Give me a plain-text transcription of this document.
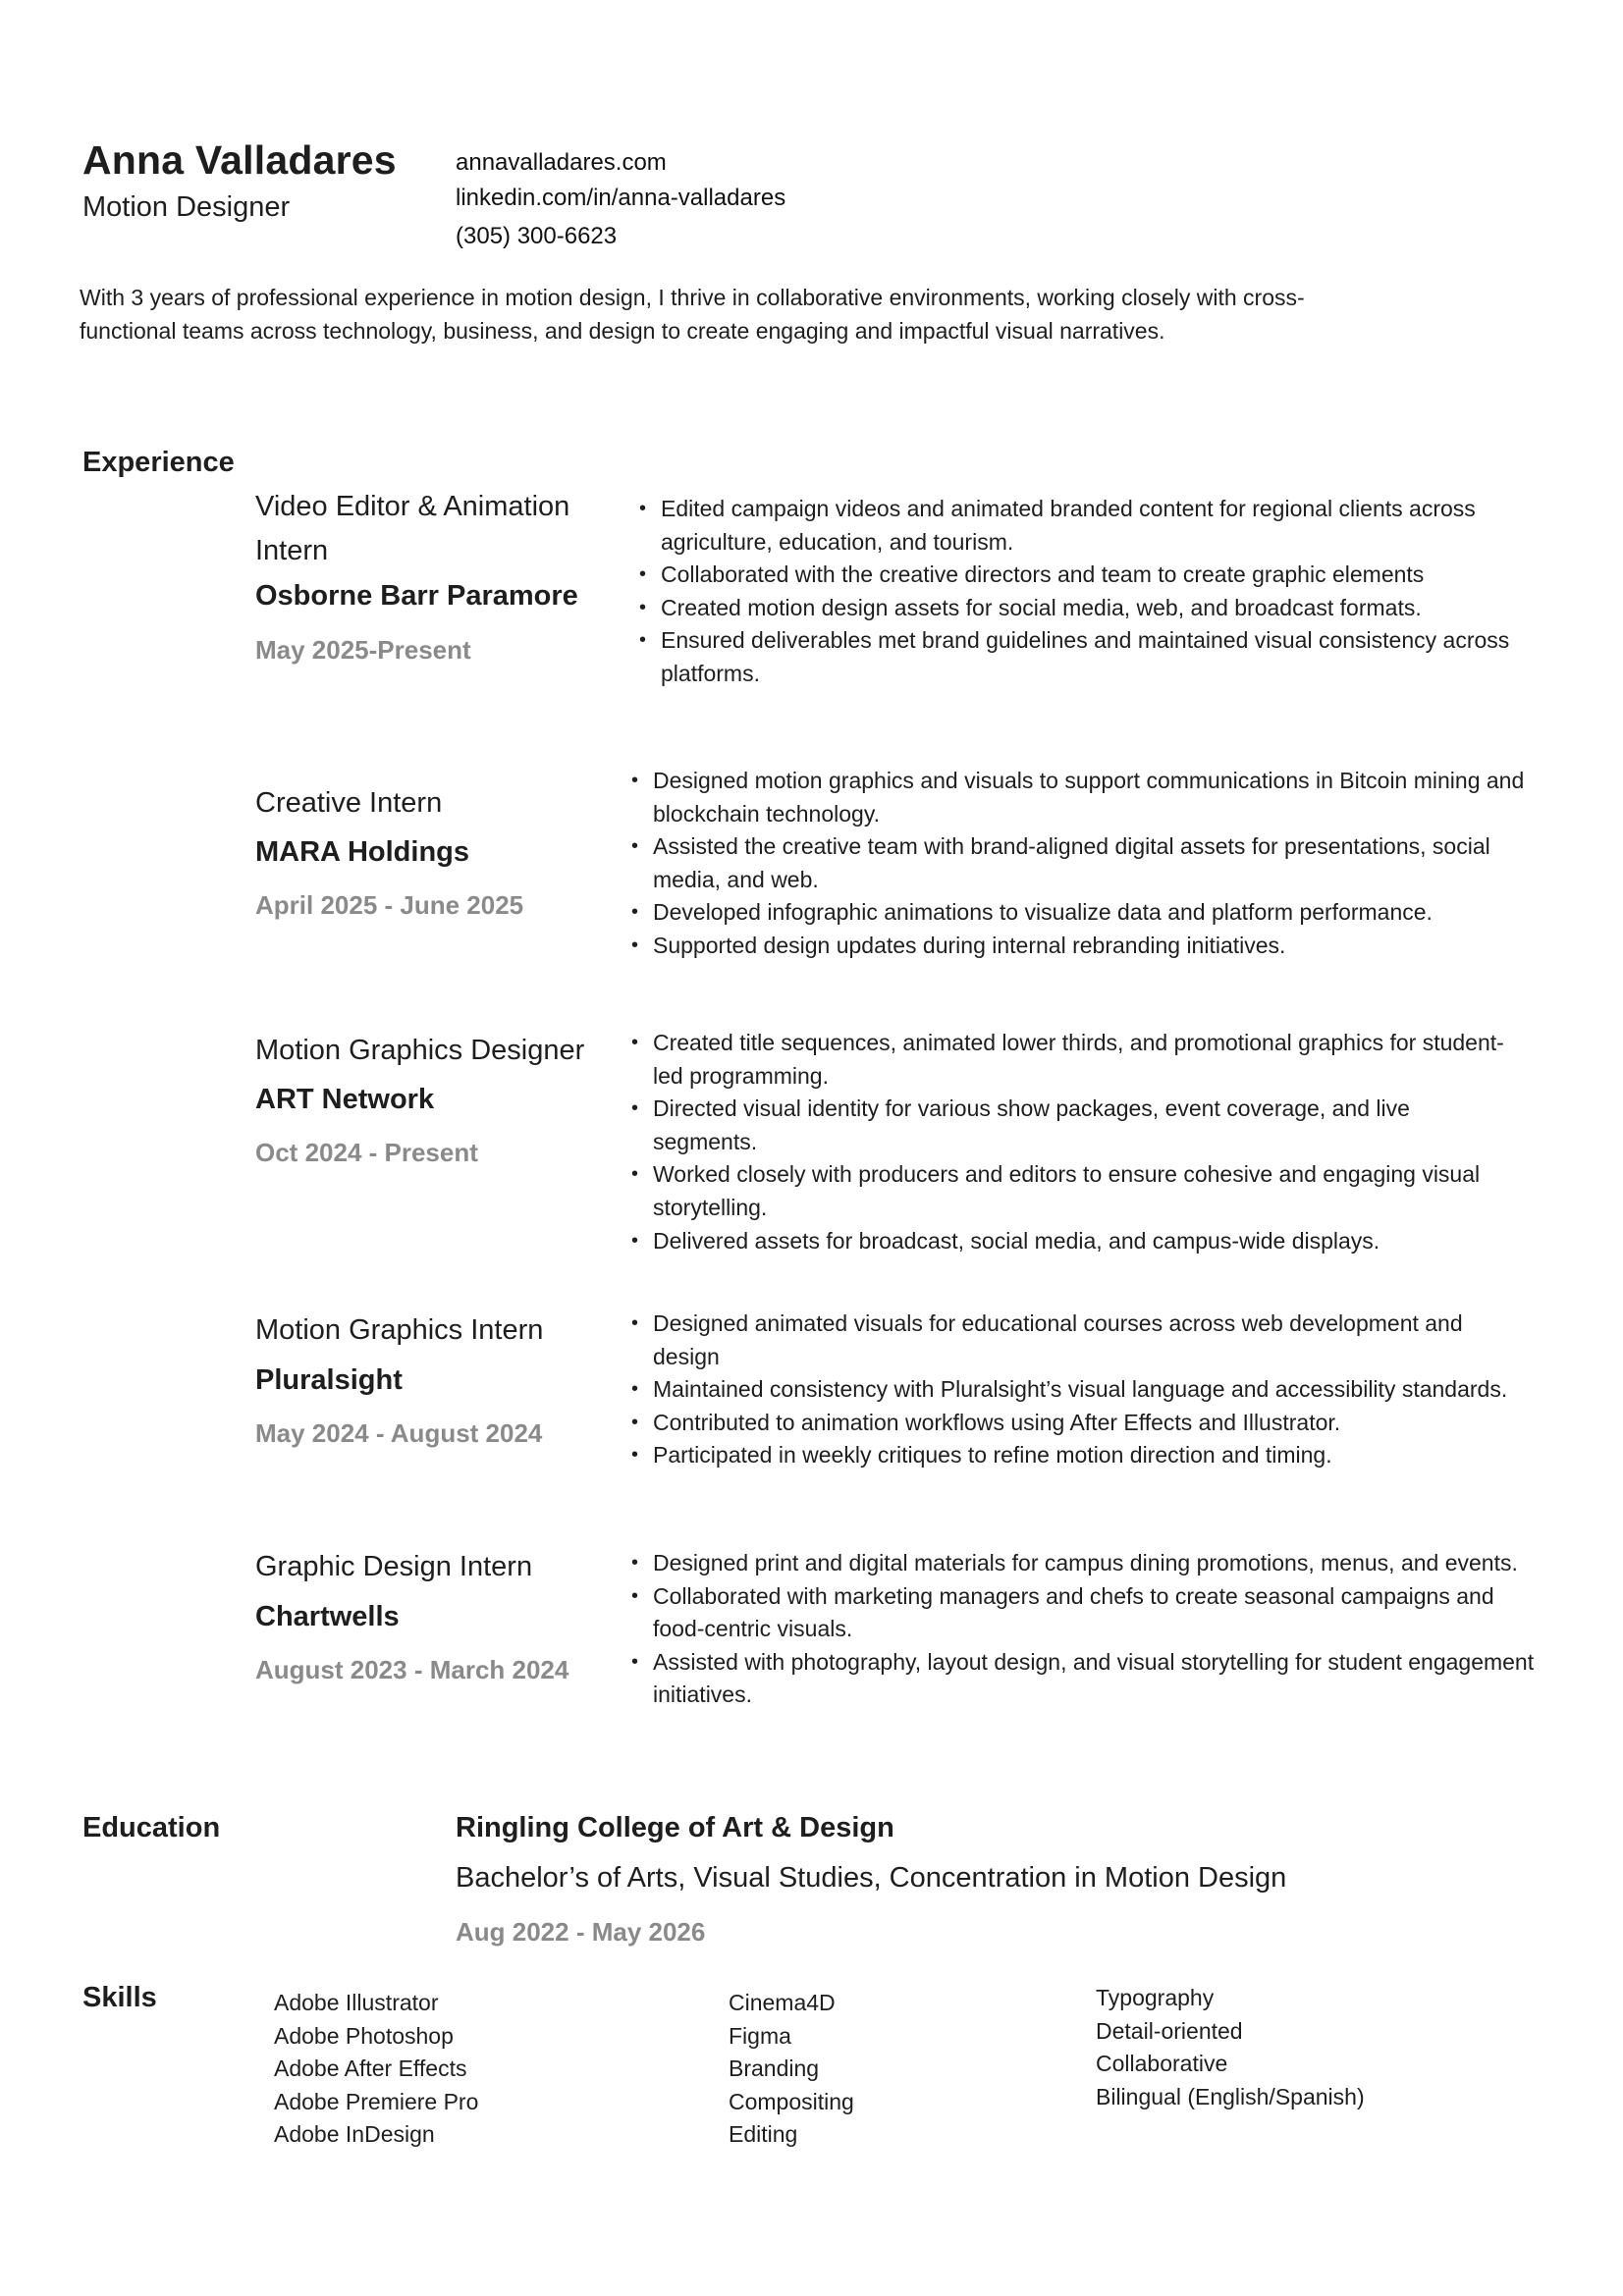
Anna Valladares
Motion Designer
annavalladares.com
linkedin.com/in/anna-valladares
(305) 300-6623
With 3 years of professional experience in motion design, I thrive in collaborative environments, working closely with cross-functional teams across technology, business, and design to create engaging and impactful visual narratives.
Experience
Video Editor & Animation Intern
Osborne Barr Paramore
May 2025-Present
• Edited campaign videos and animated branded content for regional clients across agriculture, education, and tourism.
• Collaborated with the creative directors and team to create graphic elements
• Created motion design assets for social media, web, and broadcast formats.
• Ensured deliverables met brand guidelines and maintained visual consistency across platforms.
Creative Intern
MARA Holdings
April 2025 - June 2025
• Designed motion graphics and visuals to support communications in Bitcoin mining and blockchain technology.
• Assisted the creative team with brand-aligned digital assets for presentations, social media, and web.
• Developed infographic animations to visualize data and platform performance.
• Supported design updates during internal rebranding initiatives.
Motion Graphics Designer
ART Network
Oct 2024 - Present
• Created title sequences, animated lower thirds, and promotional graphics for student-led programming.
• Directed visual identity for various show packages, event coverage, and live segments.
• Worked closely with producers and editors to ensure cohesive and engaging visual storytelling.
• Delivered assets for broadcast, social media, and campus-wide displays.
Motion Graphics Intern
Pluralsight
May 2024 - August 2024
• Designed animated visuals for educational courses across web development and design
• Maintained consistency with Pluralsight’s visual language and accessibility standards.
• Contributed to animation workflows using After Effects and Illustrator.
• Participated in weekly critiques to refine motion direction and timing.
Graphic Design Intern
Chartwells
August 2023 - March 2024
• Designed print and digital materials for campus dining promotions, menus, and events.
• Collaborated with marketing managers and chefs to create seasonal campaigns and food-centric visuals.
• Assisted with photography, layout design, and visual storytelling for student engagement initiatives.
Education	Ringling College of Art & Design
Bachelor’s of Arts, Visual Studies, Concentration in Motion Design
Aug 2022 - May 2026
Skills	Adobe Illustrator
Adobe Photoshop
Adobe After Effects
Adobe Premiere Pro
Adobe InDesign
Cinema4D
Figma
Branding
Compositing
Editing
Typography
Detail-oriented
Collaborative
Bilingual (English/Spanish)
